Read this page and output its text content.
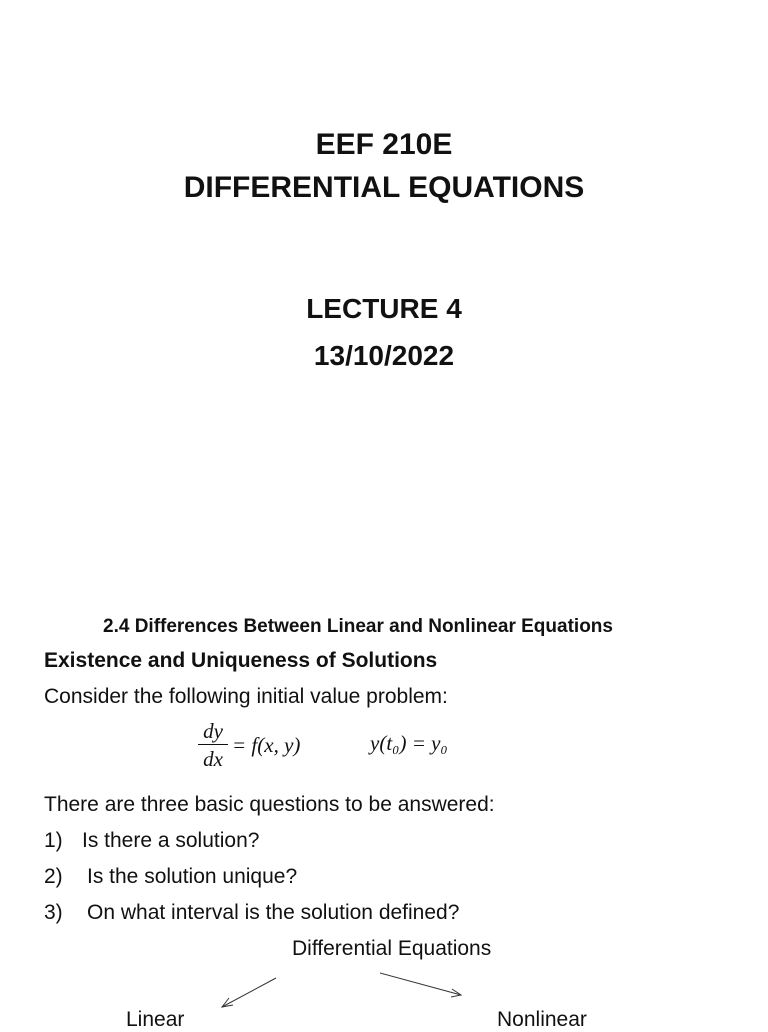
EEF 210E
DIFFERENTIAL EQUATIONS
LECTURE 4
13/10/2022
2.4 Differences Between Linear and Nonlinear Equations
Existence and Uniqueness of Solutions
Consider the following initial value problem:
dy
dx
= f(x, y)	y(t₀) = y₀
There are three basic questions to be answered:
1) Is there a solution?
2) Is the solution unique?
3) On what interval is the solution defined?
Differential Equations
Linear	Nonlinear
